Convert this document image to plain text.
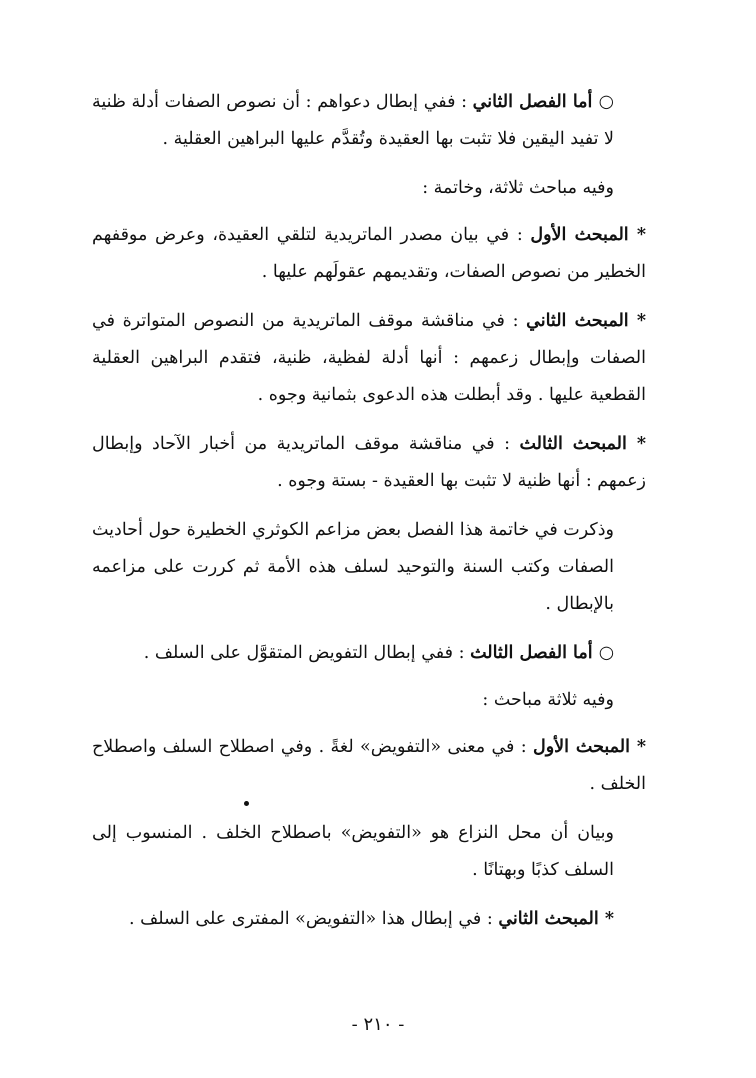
○ أما الفصل الثاني : ففي إبطال دعواهم : أن نصوص الصفات أدلة ظنية لا تفيد اليقين فلا تثبت بها العقيدة وتُقدَّم عليها البراهين العقلية .

وفيه مباحث ثلاثة، وخاتمة :

* المبحث الأول : في بيان مصدر الماتريدية لتلقي العقيدة، وعرض موقفهم الخطير من نصوص الصفات، وتقديمهم عقولَهم عليها .

* المبحث الثاني : في مناقشة موقف الماتريدية من النصوص المتواترة في الصفات وإبطال زعمهم : أنها أدلة لفظية، ظنية، فتقدم البراهين العقلية القطعية عليها . وقد أبطلت هذه الدعوى بثمانية وجوه .

* المبحث الثالث : في مناقشة موقف الماتريدية من أخبار الآحاد وإبطال زعمهم : أنها ظنية لا تثبت بها العقيدة - بستة وجوه .

وذكرت في خاتمة هذا الفصل بعض مزاعم الكوثري الخطيرة حول أحاديث الصفات وكتب السنة والتوحيد لسلف هذه الأمة ثم كررت على مزاعمه بالإبطال .

○ أما الفصل الثالث : ففي إبطال التفويض المتقوَّل على السلف .

وفيه ثلاثة مباحث :

* المبحث الأول : في معنى «التفويض» لغةً . وفي اصطلاح السلف واصطلاح الخلف .

وبيان أن محل النزاع هو «التفويض» باصطلاح الخلف . المنسوب إلى السلف كذبًا وبهتانًا .

* المبحث الثاني : في إبطال هذا «التفويض» المفترى على السلف .

- ٢١٠ -
